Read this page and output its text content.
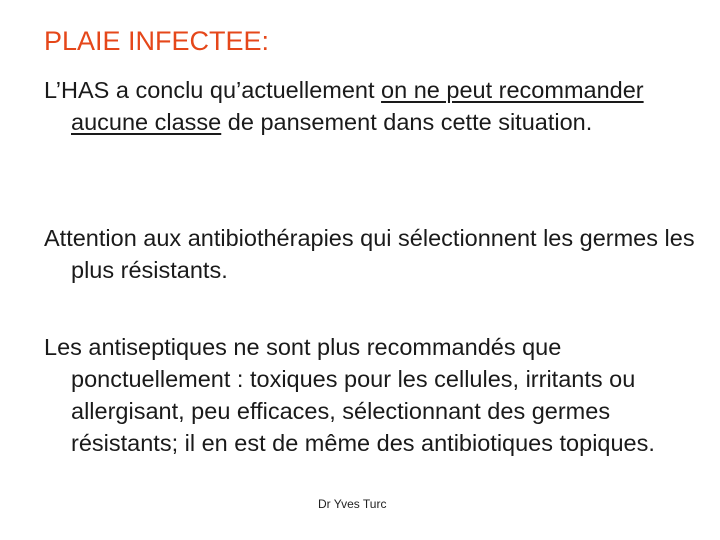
PLAIE INFECTEE:
L’HAS a conclu qu’actuellement on ne peut recommander aucune classe de pansement dans cette situation.
Attention aux antibiothérapies qui sélectionnent les germes les plus résistants.
Les antiseptiques ne sont plus recommandés que ponctuellement : toxiques pour les cellules, irritants ou allergisant, peu efficaces, sélectionnant des germes résistants; il en est de même des antibiotiques topiques.
Dr Yves Turc
